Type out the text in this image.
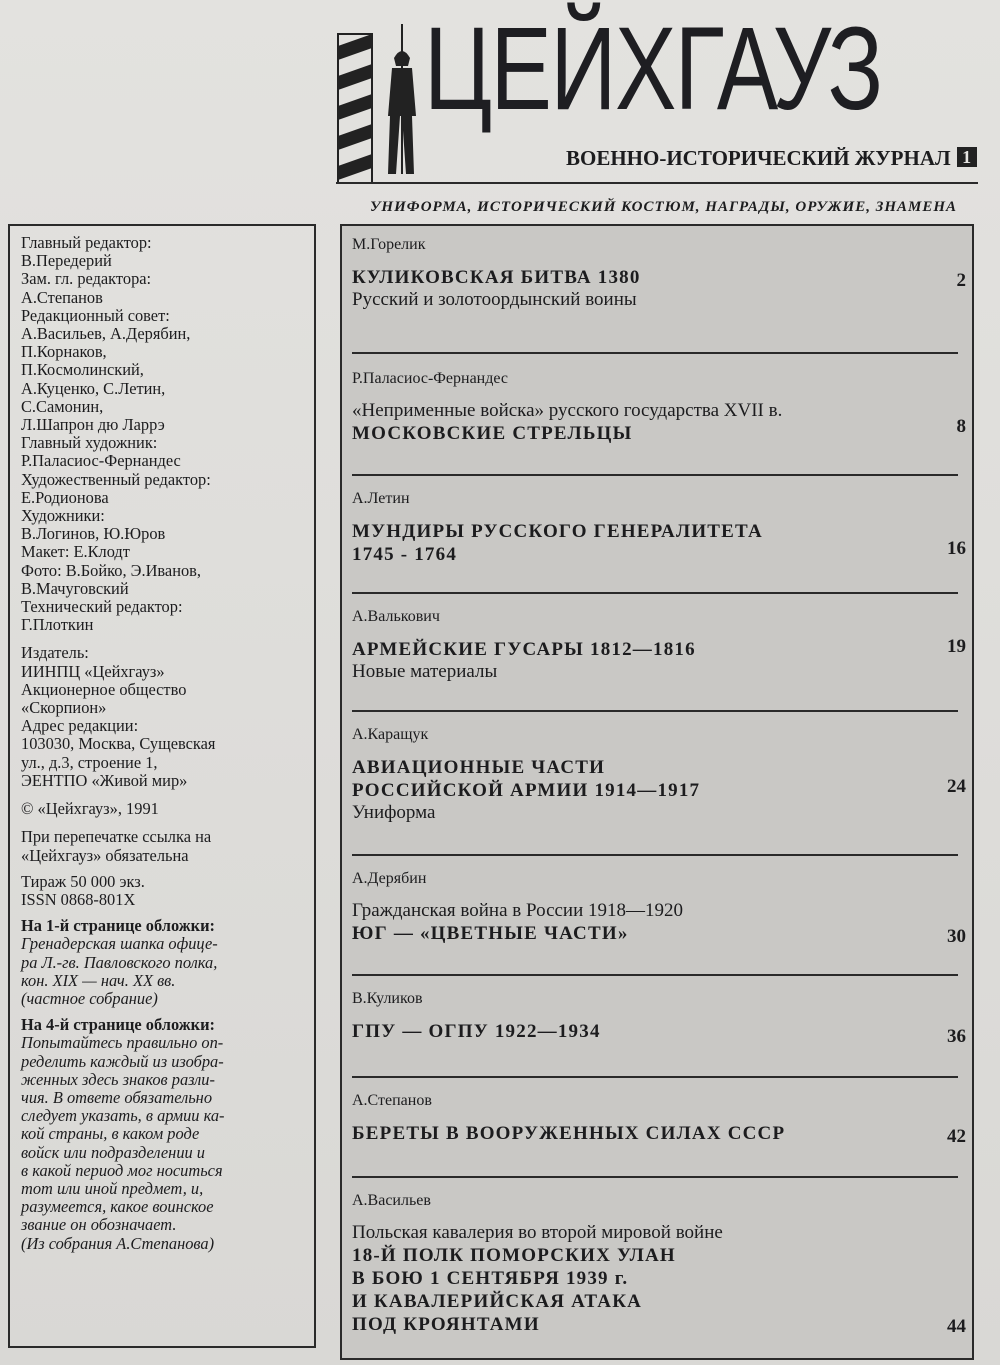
ЦЕЙХГАУЗ
ВОЕННО-ИСТОРИЧЕСКИЙ ЖУРНАЛ 1
УНИФОРМА, ИСТОРИЧЕСКИЙ КОСТЮМ, НАГРАДЫ, ОРУЖИЕ, ЗНАМЕНА

Главный редактор:

В.Передерий

Зам. гл. редактора:

А.Степанов

Редакционный совет:

А.Васильев, А.Дерябин,

П.Корнаков,

П.Космолинский,

А.Куценко, С.Летин,

С.Самонин,

Л.Шапрон дю Ларрэ

Главный художник:

Р.Паласиос-Фернандес

Художественный редактор:

Е.Родионова

Художники:

В.Логинов, Ю.Юров

Макет: Е.Клодт

Фото: В.Бойко, Э.Иванов,

В.Мачуговский

Технический редактор:

Г.Плоткин

Издатель:

ИИНПЦ «Цейхгауз»

Акционерное общество

«Скорпион»

Адрес редакции:

103030, Москва, Сущевская

ул., д.3, строение 1,

ЭЕНТПО «Живой мир»

© «Цейхгауз», 1991

При перепечатке ссылка на

«Цейхгауз» обязательна

Тираж 50 000 экз.

ISSN 0868-801X

На 1-й странице обложки:

Гренадерская шапка офице-

ра Л.-гв. Павловского полка,

кон. XIX — нач. XX вв.

(частное собрание)

На 4-й странице обложки:

Попытайтесь правильно оп-

ределить каждый из изобра-

женных здесь знаков разли-

чия. В ответе обязательно

следует указать, в армии ка-

кой страны, в каком роде

войск или подразделении и

в какой период мог носиться

тот или иной предмет, и,

разумеется, какое воинское

звание он обозначает.

(Из собрания А.Степанова)

М.Горелик
КУЛИКОВСКАЯ БИТВА 1380
Русский и золотоордынский воины
2
Р.Паласиос-Фернандес
«Неприменные войска» русского государства XVII в.
МОСКОВСКИЕ СТРЕЛЬЦЫ	8
А.Летин
МУНДИРЫ РУССКОГО ГЕНЕРАЛИТЕТА
1745 - 1764	16
А.Валькович
АРМЕЙСКИЕ ГУСАРЫ 1812—1816
Новые материалы
19
А.Каращук
АВИАЦИОННЫЕ ЧАСТИ
РОССИЙСКОЙ АРМИИ 1914—1917
Униформа
24
А.Дерябин
Гражданская война в России 1918—1920
ЮГ — «ЦВЕТНЫЕ ЧАСТИ»	30
В.Куликов
ГПУ — ОГПУ 1922—1934	36
А.Степанов
БЕРЕТЫ В ВООРУЖЕННЫХ СИЛАХ СССР	42
А.Васильев
Польская кавалерия во второй мировой войне
18-Й ПОЛК ПОМОРСКИХ УЛАН
В БОЮ 1 СЕНТЯБРЯ 1939 г.
И КАВАЛЕРИЙСКАЯ АТАКА
ПОД КРОЯНТАМИ	44
